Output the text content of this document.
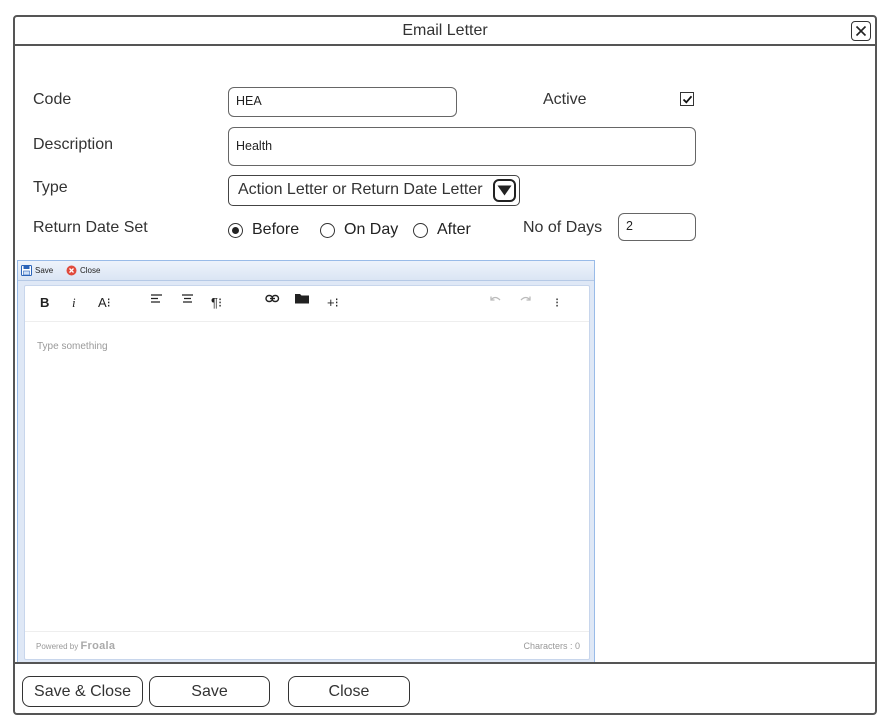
Email Letter
Code	HEA	Active
Description	Health
Type	Action Letter or Return Date Letter
Return Date Set	Before	On Day After	No of Days	2
Save	Close
B i A⁝	¶⁝	+⁝	⁝
Type something
Powered by Froala	Characters : 0
Save & Close	Save	Close
